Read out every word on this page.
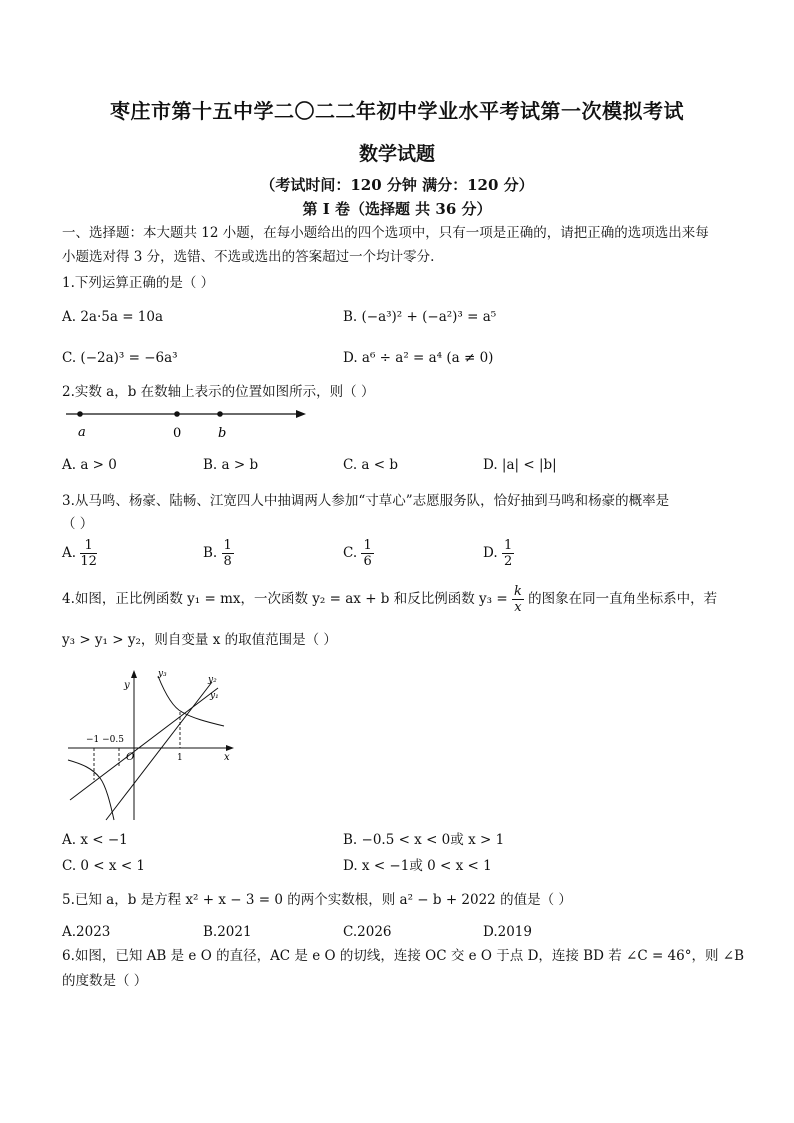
枣庄市第十五中学二〇二二年初中学业水平考试第一次模拟考试
数学试题
（考试时间：120 分钟 满分：120 分）
第 I 卷（选择题 共 36 分）
一、选择题：本大题共 12 小题，在每小题给出的四个选项中，只有一项是正确的，请把正确的选项选出来每
小题选对得 3 分，选错、不选或选出的答案超过一个均计零分.
1.下列运算正确的是（ ）
A. 2a·5a = 10a	B. (−a³)² + (−a²)³ = a⁵
C. (−2a)³ = −6a³	D. a⁶ ÷ a² = a⁴ (a ≠ 0)
2.实数 a，b 在数轴上表示的位置如图所示，则（ ）
a	0	b
A. a > 0	B. a > b	C. a < b	D. |a| < |b|
3.从马鸣、杨豪、陆畅、江宽四人中抽调两人参加“寸草心”志愿服务队，恰好抽到马鸣和杨豪的概率是
（ ）
A. $\frac{1}{12}$	B. $\frac{1}{8}$	C. $\frac{1}{6}$	D. $\frac{1}{2}$
4.如图，正比例函数 y₁ = mx，一次函数 y₂ = ax + b 和反比例函数 $y_3 = \frac{k}{x}$ 的图象在同一直角坐标系中，若
y₃ > y₁ > y₂，则自变量 x 的取值范围是（ ）
y
x
O
y₃
y₂
y₁
−1 −0.5
1
A. x < −1	B. −0.5 < x < 0或 x > 1
C. 0 < x < 1	D. x < −1或 0 < x < 1
5.已知 a，b 是方程 x² + x − 3 = 0 的两个实数根，则 a² − b + 2022 的值是（ ）
A.2023	B.2021	C.2026	D.2019
6.如图，已知 AB 是 e O 的直径，AC 是 e O 的切线，连接 OC 交 e O 于点 D，连接 BD 若 ∠C = 46°，则 ∠B
的度数是（ ）
